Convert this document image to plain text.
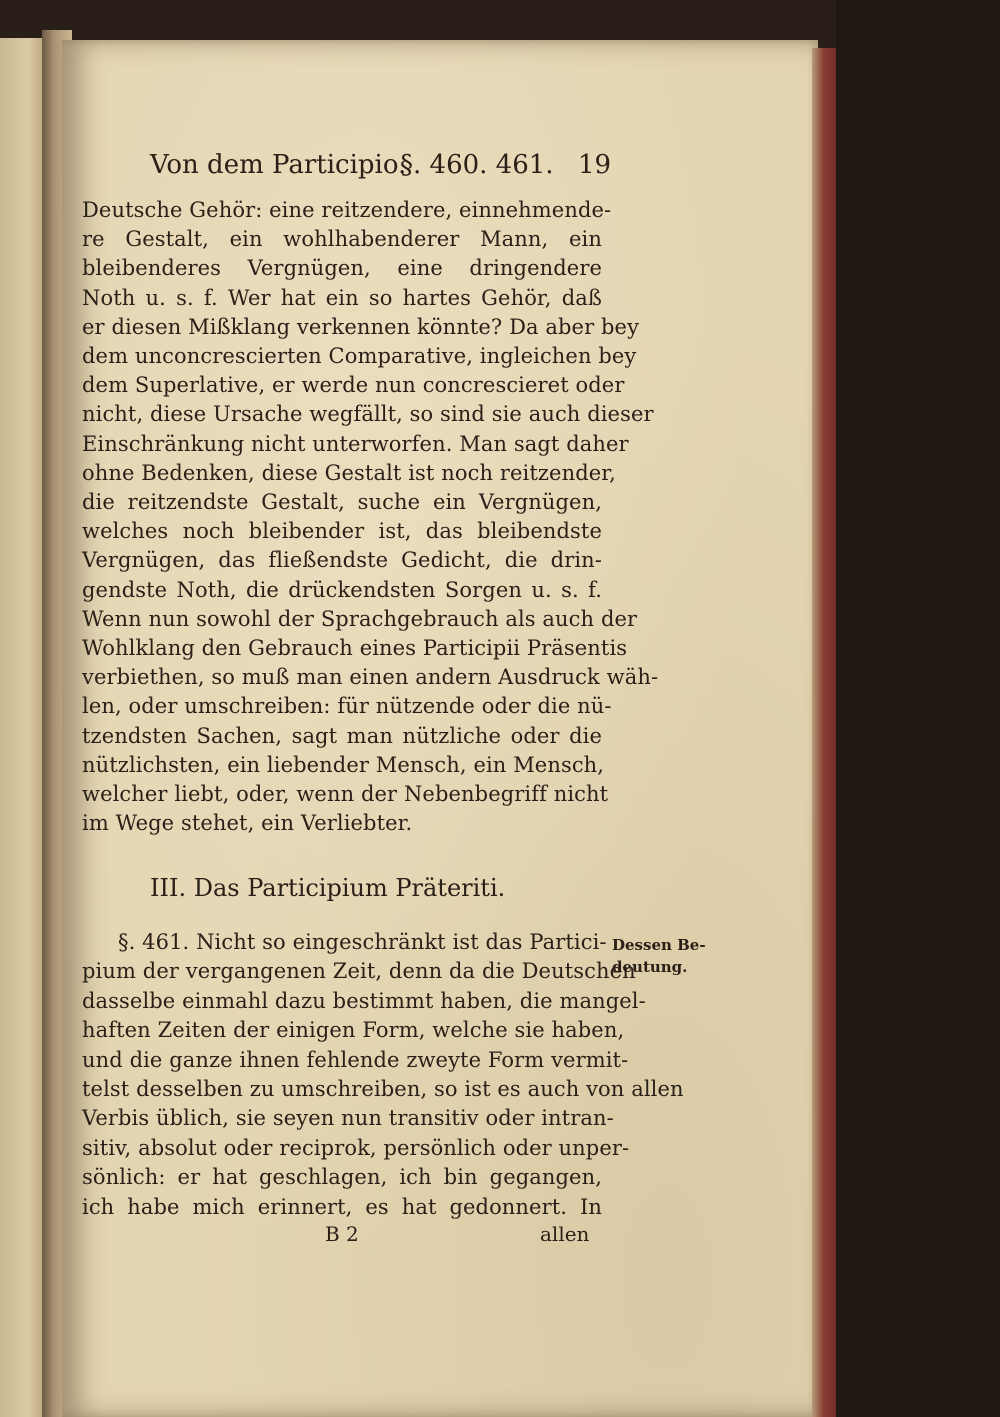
Von dem Participio.
§. 460. 461. 19
Deutsche Gehör: eine reitzendere, einnehmende-
re Gestalt, ein wohlhabenderer Mann, ein
bleibenderes Vergnügen, eine dringendere
Noth u. s. f. Wer hat ein so hartes Gehör, daß
er diesen Mißklang verkennen könnte? Da aber bey
dem unconcrescierten Comparative, ingleichen bey
dem Superlative, er werde nun concrescieret oder
nicht, diese Ursache wegfällt, so sind sie auch dieser
Einschränkung nicht unterworfen. Man sagt daher
ohne Bedenken, diese Gestalt ist noch reitzender,
die reitzendste Gestalt, suche ein Vergnügen,
welches noch bleibender ist, das bleibendste
Vergnügen, das fließendste Gedicht, die drin-
gendste Noth, die drückendsten Sorgen u. s. f.
Wenn nun sowohl der Sprachgebrauch als auch der
Wohlklang den Gebrauch eines Participii Präsentis
verbiethen, so muß man einen andern Ausdruck wäh-
len, oder umschreiben: für nützende oder die nü-
tzendsten Sachen, sagt man nützliche oder die
nützlichsten, ein liebender Mensch, ein Mensch,
welcher liebt, oder, wenn der Nebenbegriff nicht
im Wege stehet, ein Verliebter.
III. Das Participium Präteriti.
§. 461. Nicht so eingeschränkt ist das Partici-
pium der vergangenen Zeit, denn da die Deutschen
dasselbe einmahl dazu bestimmt haben, die mangel-
haften Zeiten der einigen Form, welche sie haben,
und die ganze ihnen fehlende zweyte Form vermit-
telst desselben zu umschreiben, so ist es auch von allen
Verbis üblich, sie seyen nun transitiv oder intran-
sitiv, absolut oder reciprok, persönlich oder unper-
sönlich: er hat geschlagen, ich bin gegangen,
ich habe mich erinnert, es hat gedonnert. In
Dessen Be-
deutung.
B 2	allen
